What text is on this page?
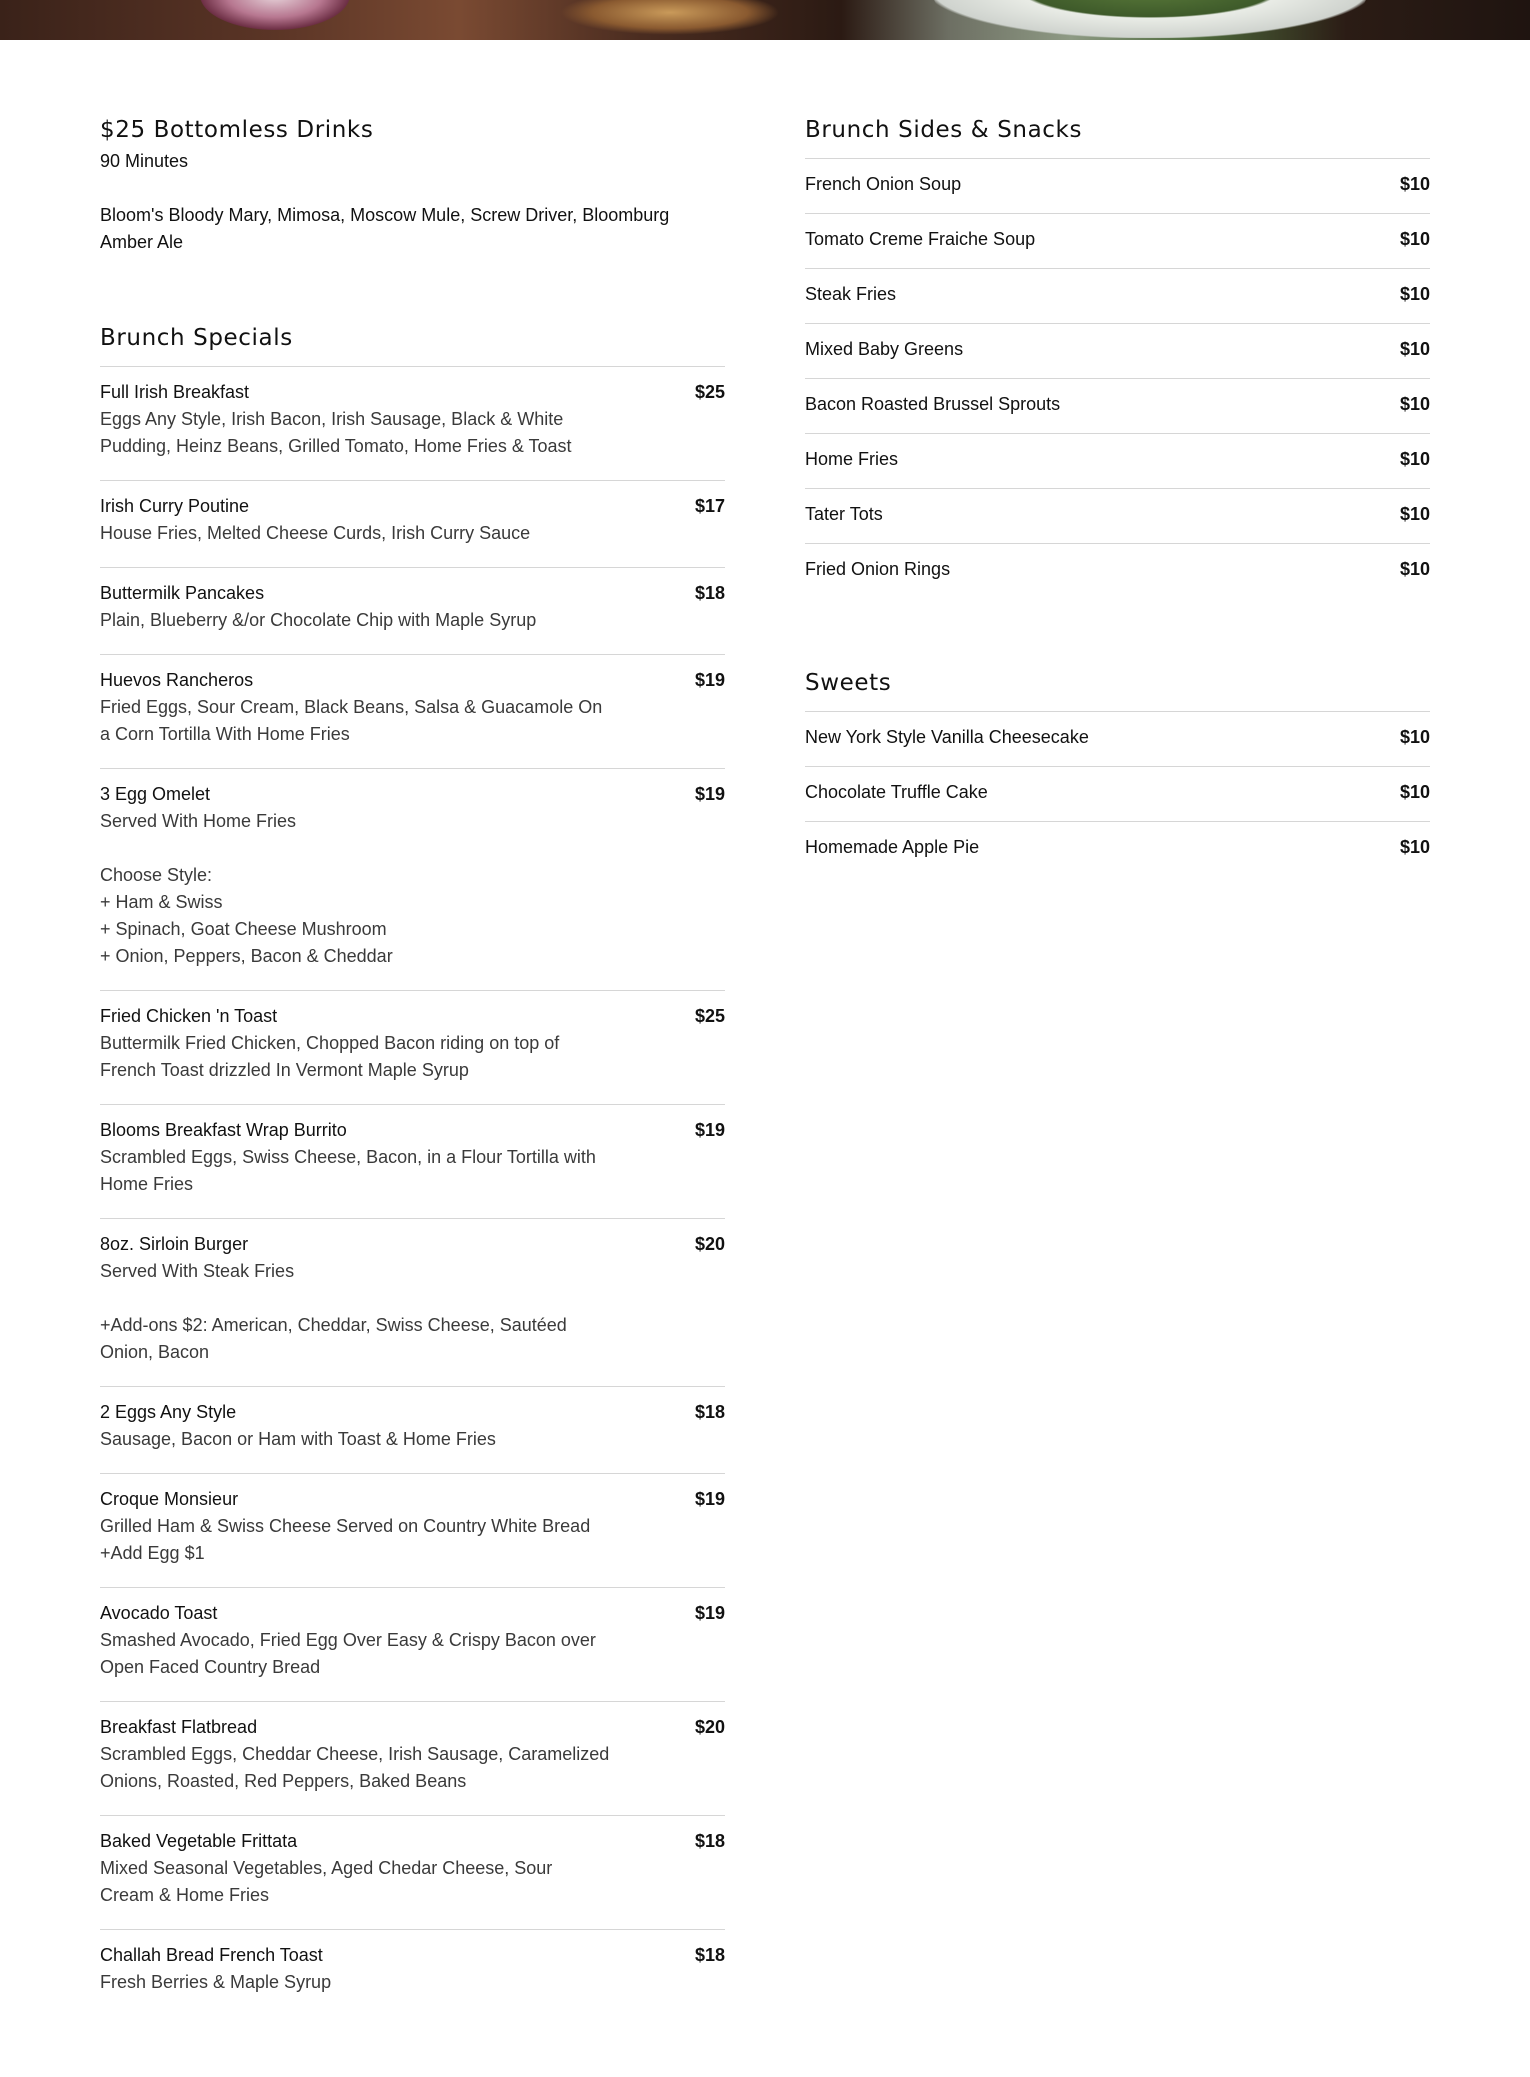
$25 Bottomless Drinks
90 Minutes
Bloom's Bloody Mary, Mimosa, Moscow Mule, Screw Driver, Bloomburg Amber Ale
Brunch Specials
Full Irish Breakfast	$25
Eggs Any Style, Irish Bacon, Irish Sausage, Black & White Pudding, Heinz Beans, Grilled Tomato, Home Fries & Toast
Irish Curry Poutine	$17
House Fries, Melted Cheese Curds, Irish Curry Sauce
Buttermilk Pancakes	$18
Plain, Blueberry &/or Chocolate Chip with Maple Syrup
Huevos Rancheros	$19
Fried Eggs, Sour Cream, Black Beans, Salsa & Guacamole On a Corn Tortilla With Home Fries
3 Egg Omelet	$19
Served With Home Fries

Choose Style:
+ Ham & Swiss
+ Spinach, Goat Cheese Mushroom
+ Onion, Peppers, Bacon & Cheddar
Fried Chicken 'n Toast	$25
Buttermilk Fried Chicken, Chopped Bacon riding on top of French Toast drizzled In Vermont Maple Syrup
Blooms Breakfast Wrap Burrito	$19
Scrambled Eggs, Swiss Cheese, Bacon, in a Flour Tortilla with Home Fries
8oz. Sirloin Burger	$20
Served With Steak Fries

+Add-ons $2: American, Cheddar, Swiss Cheese, Sautéed Onion, Bacon
2 Eggs Any Style	$18
Sausage, Bacon or Ham with Toast & Home Fries
Croque Monsieur	$19
Grilled Ham & Swiss Cheese Served on Country White Bread
+Add Egg $1
Avocado Toast	$19
Smashed Avocado, Fried Egg Over Easy & Crispy Bacon over Open Faced Country Bread
Breakfast Flatbread	$20
Scrambled Eggs, Cheddar Cheese, Irish Sausage, Caramelized Onions, Roasted, Red Peppers, Baked Beans
Baked Vegetable Frittata	$18
Mixed Seasonal Vegetables, Aged Chedar Cheese, Sour Cream & Home Fries
Challah Bread French Toast	$18
Fresh Berries & Maple Syrup
Brunch Sides & Snacks
French Onion Soup	$10
Tomato Creme Fraiche Soup	$10
Steak Fries	$10
Mixed Baby Greens	$10
Bacon Roasted Brussel Sprouts	$10
Home Fries	$10
Tater Tots	$10
Fried Onion Rings	$10
Sweets
New York Style Vanilla Cheesecake	$10
Chocolate Truffle Cake	$10
Homemade Apple Pie	$10
